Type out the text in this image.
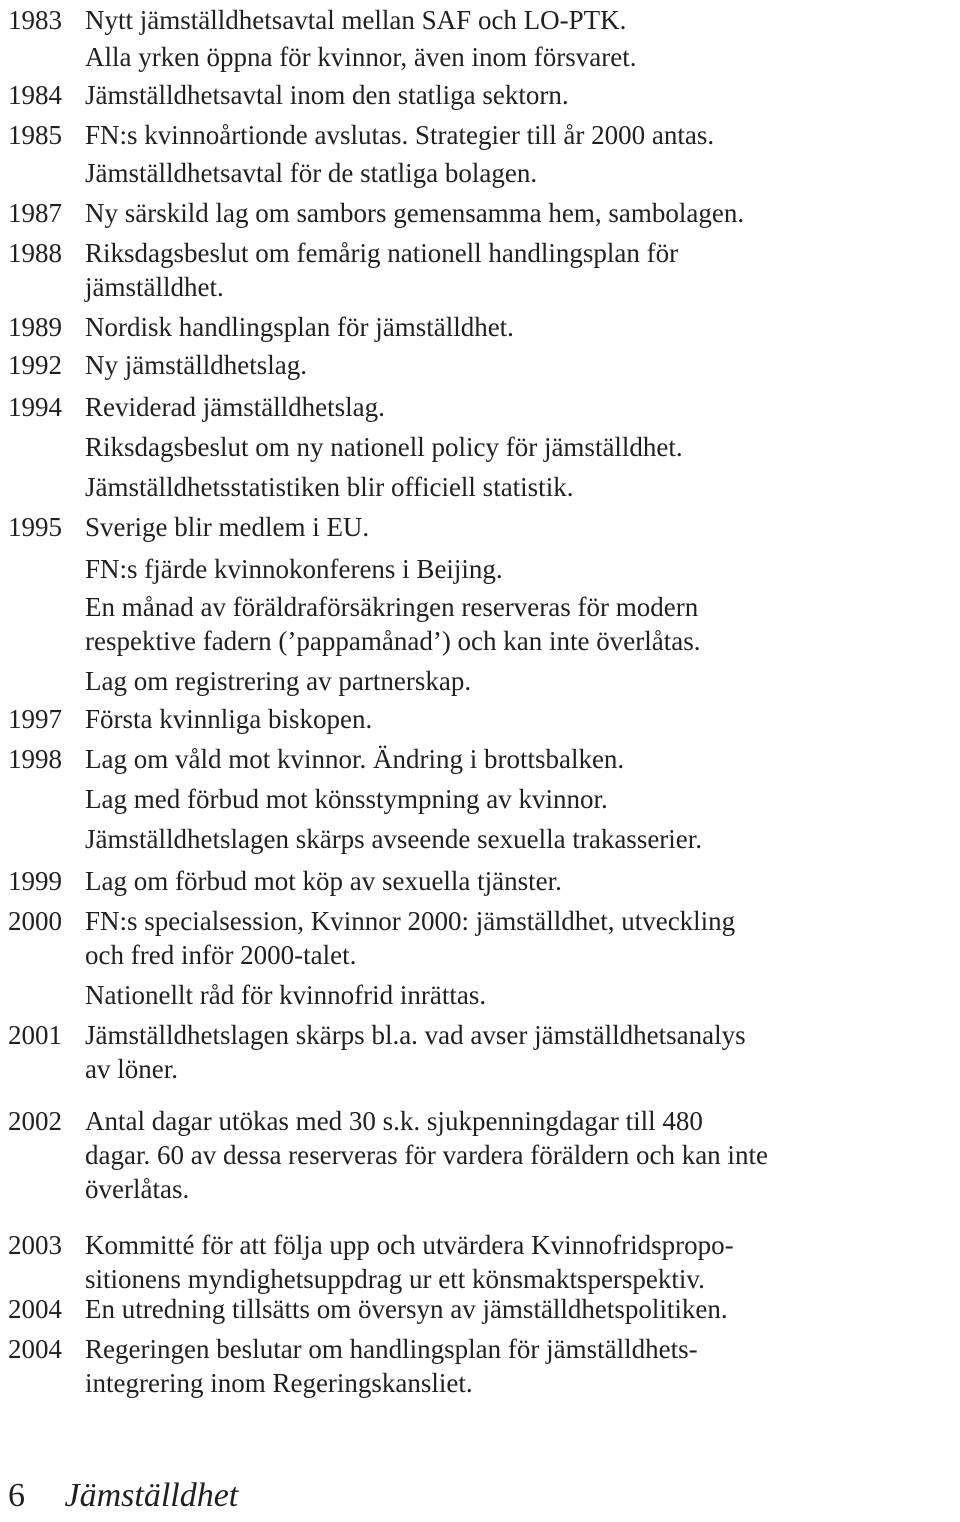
1983 Nytt jämställdhetsavtal mellan SAF och LO-PTK.
Alla yrken öppna för kvinnor, även inom försvaret.
1984 Jämställdhetsavtal inom den statliga sektorn.
1985 FN:s kvinnoårtionde avslutas. Strategier till år 2000 antas.
Jämställdhetsavtal för de statliga bolagen.
1987 Ny särskild lag om sambors gemensamma hem, sambolagen.
1988 Riksdagsbeslut om femårig nationell handlingsplan för
jämställdhet.
1989 Nordisk handlingsplan för jämställdhet.
1992 Ny jämställdhetslag.
1994 Reviderad jämställdhetslag.
Riksdagsbeslut om ny nationell policy för jämställdhet.
Jämställdhetsstatistiken blir officiell statistik.
1995 Sverige blir medlem i EU.
FN:s fjärde kvinnokonferens i Beijing.
En månad av föräldraförsäkringen reserveras för modern
respektive fadern (’pappamånad’) och kan inte överlåtas.
Lag om registrering av partnerskap.
1997 Första kvinnliga biskopen.
1998 Lag om våld mot kvinnor. Ändring i brottsbalken.
Lag med förbud mot könsstympning av kvinnor.
Jämställdhetslagen skärps avseende sexuella trakasserier.
1999 Lag om förbud mot köp av sexuella tjänster.
2000 FN:s specialsession, Kvinnor 2000: jämställdhet, utveckling
och fred inför 2000-talet.
Nationellt råd för kvinnofrid inrättas.
2001 Jämställdhetslagen skärps bl.a. vad avser jämställdhetsanalys
av löner.
2002 Antal dagar utökas med 30 s.k. sjukpenningdagar till 480
dagar. 60 av dessa reserveras för vardera föräldern och kan inte
överlåtas.
2003 Kommitté för att följa upp och utvärdera Kvinnofridspropo-
sitionens myndighetsuppdrag ur ett könsmaktsperspektiv.
2004 En utredning tillsätts om översyn av jämställdhetspolitiken.
2004 Regeringen beslutar om handlingsplan för jämställdhets-
integrering inom Regeringskansliet.
6 Jämställdhet
